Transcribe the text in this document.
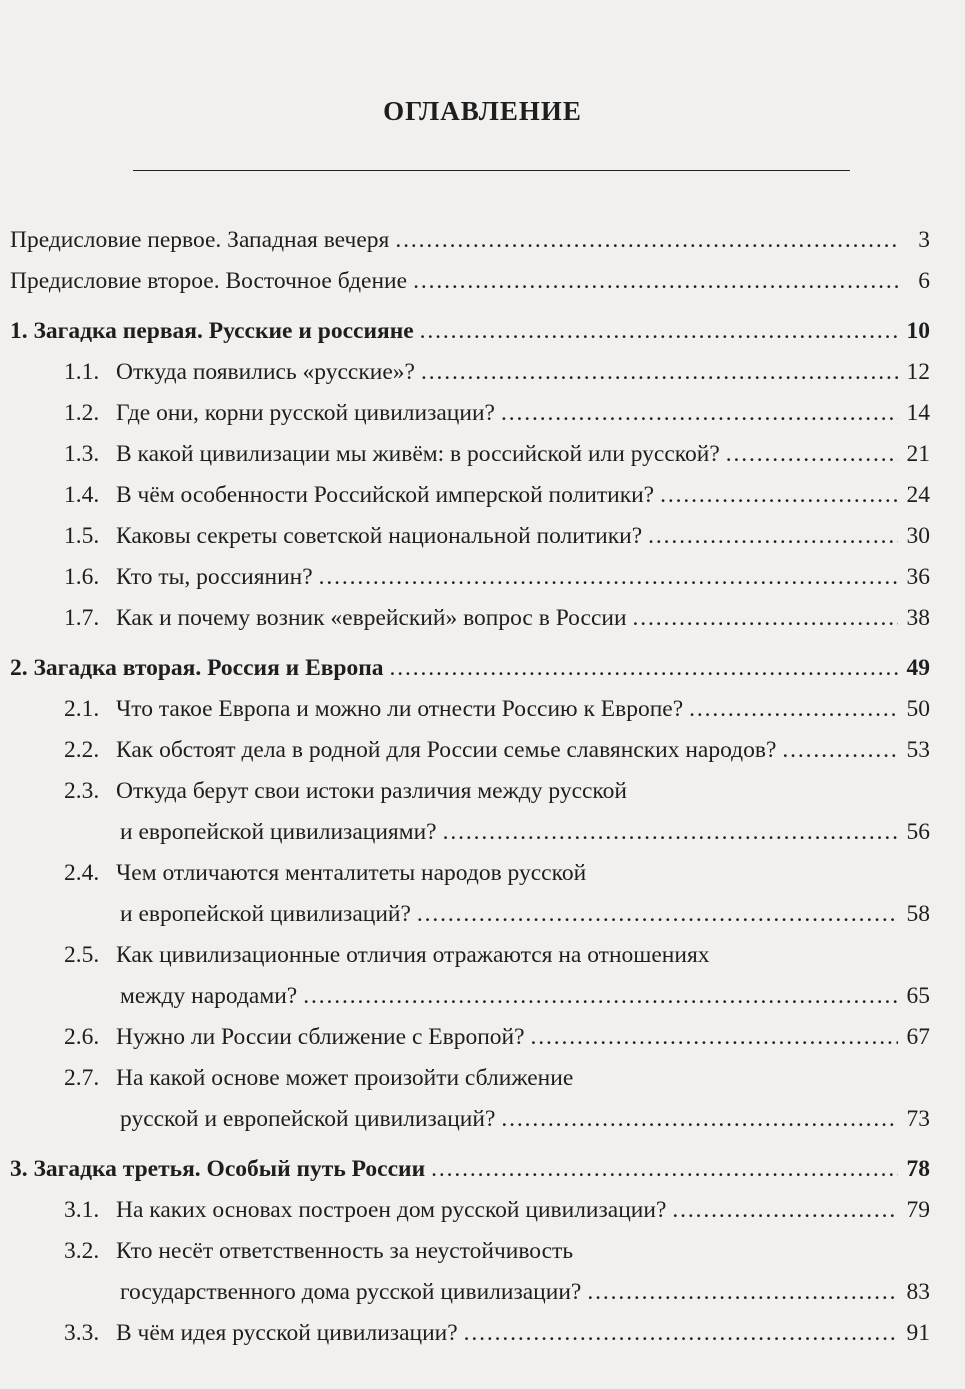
ОГЛАВЛЕНИЕ
Предисловие первое. Западная вечеря . . .	3
Предисловие второе. Восточное бдение . . .	6
1. Загадка первая. Русские и россияне . . .	10
1.1. Откуда появились «русские»? . . .	12
1.2. Где они, корни русской цивилизации? . . .	14
1.3. В какой цивилизации мы живём: в российской или русской? . . .	21
1.4. В чём особенности Российской имперской политики? . . .	24
1.5. Каковы секреты советской национальной политики? . . .	30
1.6. Кто ты, россиянин? . . .	36
1.7. Как и почему возник «еврейский» вопрос в России . . .	38
2. Загадка вторая. Россия и Европа . . .	49
2.1. Что такое Европа и можно ли отнести Россию к Европе? . . .	50
2.2. Как обстоят дела в родной для России семье славянских народов? . . .	53
2.3. Откуда берут свои истоки различия между русской
и европейской цивилизациями? . . .	56
2.4. Чем отличаются менталитеты народов русской
и европейской цивилизаций? . . .	58
2.5. Как цивилизационные отличия отражаются на отношениях
между народами? . . .	65
2.6. Нужно ли России сближение с Европой? . . .	67
2.7. На какой основе может произойти сближение
русской и европейской цивилизаций? . . .	73
3. Загадка третья. Особый путь России . . .	78
3.1. На каких основах построен дом русской цивилизации? . . .	79
3.2. Кто несёт ответственность за неустойчивость
государственного дома русской цивилизации? . . .	83
3.3. В чём идея русской цивилизации? . . .	91
